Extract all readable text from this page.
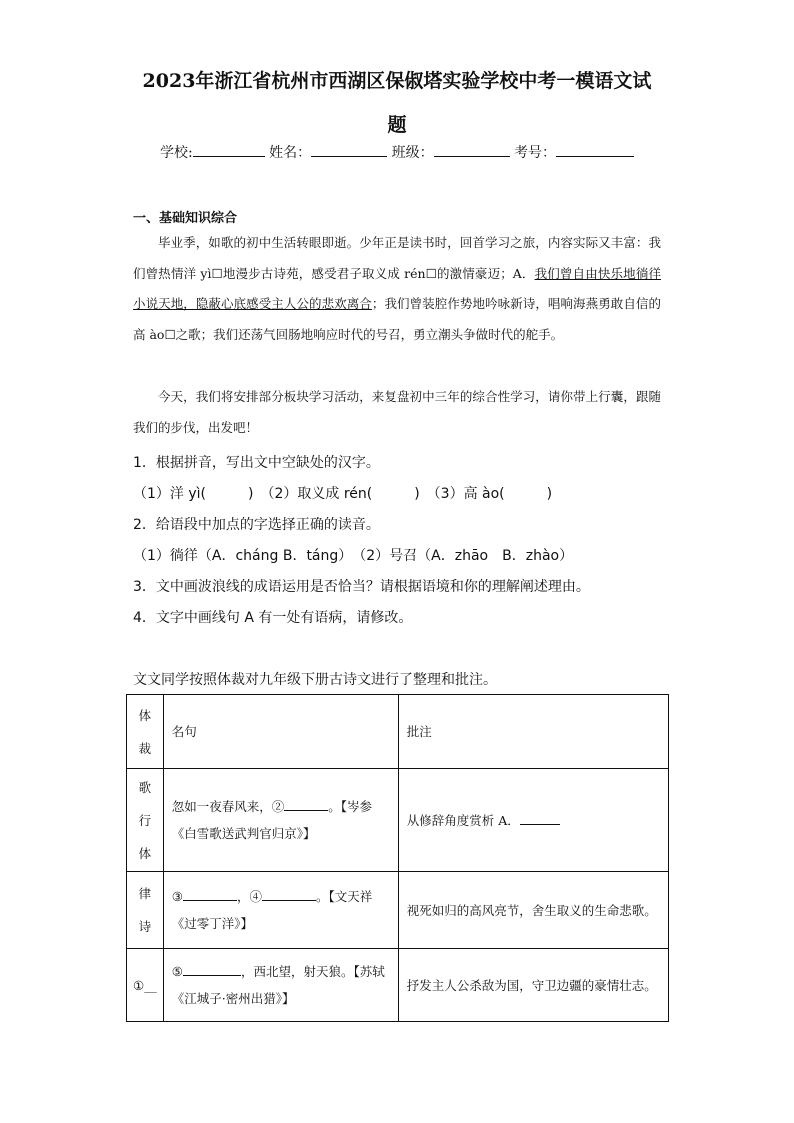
2023年浙江省杭州市西湖区保俶塔实验学校中考一模语文试
题
学校:	姓名：	班级：	考号：
一、基础知识综合
毕业季，如歌的初中生活转眼即逝。少年正是读书时，回首学习之旅，内容实际又丰富：我们曾热情洋 yì☐地漫步古诗苑，感受君子取义成 rén☐的激情豪迈；A．我们曾自由快乐地徜徉小说天地，隐蔽心底感受主人公的悲欢离合；我们曾装腔作势地吟咏新诗，唱响海燕勇敢自信的高 ào☐之歌；我们还荡气回肠地响应时代的号召，勇立潮头争做时代的舵手。
今天，我们将安排部分板块学习活动，来复盘初中三年的综合性学习，请你带上行囊，跟随我们的步伐，出发吧！
1．根据拼音，写出文中空缺处的汉字。
（1）洋 yì(　　　)　（2）取义成 rén(　　　)　（3）高 ào(　　　)
2．给语段中加点的字选择正确的读音。
（1）徜徉（A．cháng B．táng）　（2）号召（A．zhāo　B．zhào）
3．文中画波浪线的成语运用是否恰当？请根据语境和你的理解阐述理由。
4．文字中画线句 A 有一处有语病，请修改。
文文同学按照体裁对九年级下册古诗文进行了整理和批注。
体裁	名句	批注
歌行体	忽如一夜春风来，② 。【岑参《白雪歌送武判官归京》】	从修辞角度赏析 A．
律诗	③ ，④ 。【文天祥《过零丁洋》】	视死如归的高风亮节，舍生取义的生命悲歌。
①__	⑤ ，西北望，射天狼。【苏轼《江城子·密州出猎》】	抒发主人公杀敌为国，守卫边疆的豪情壮志。
